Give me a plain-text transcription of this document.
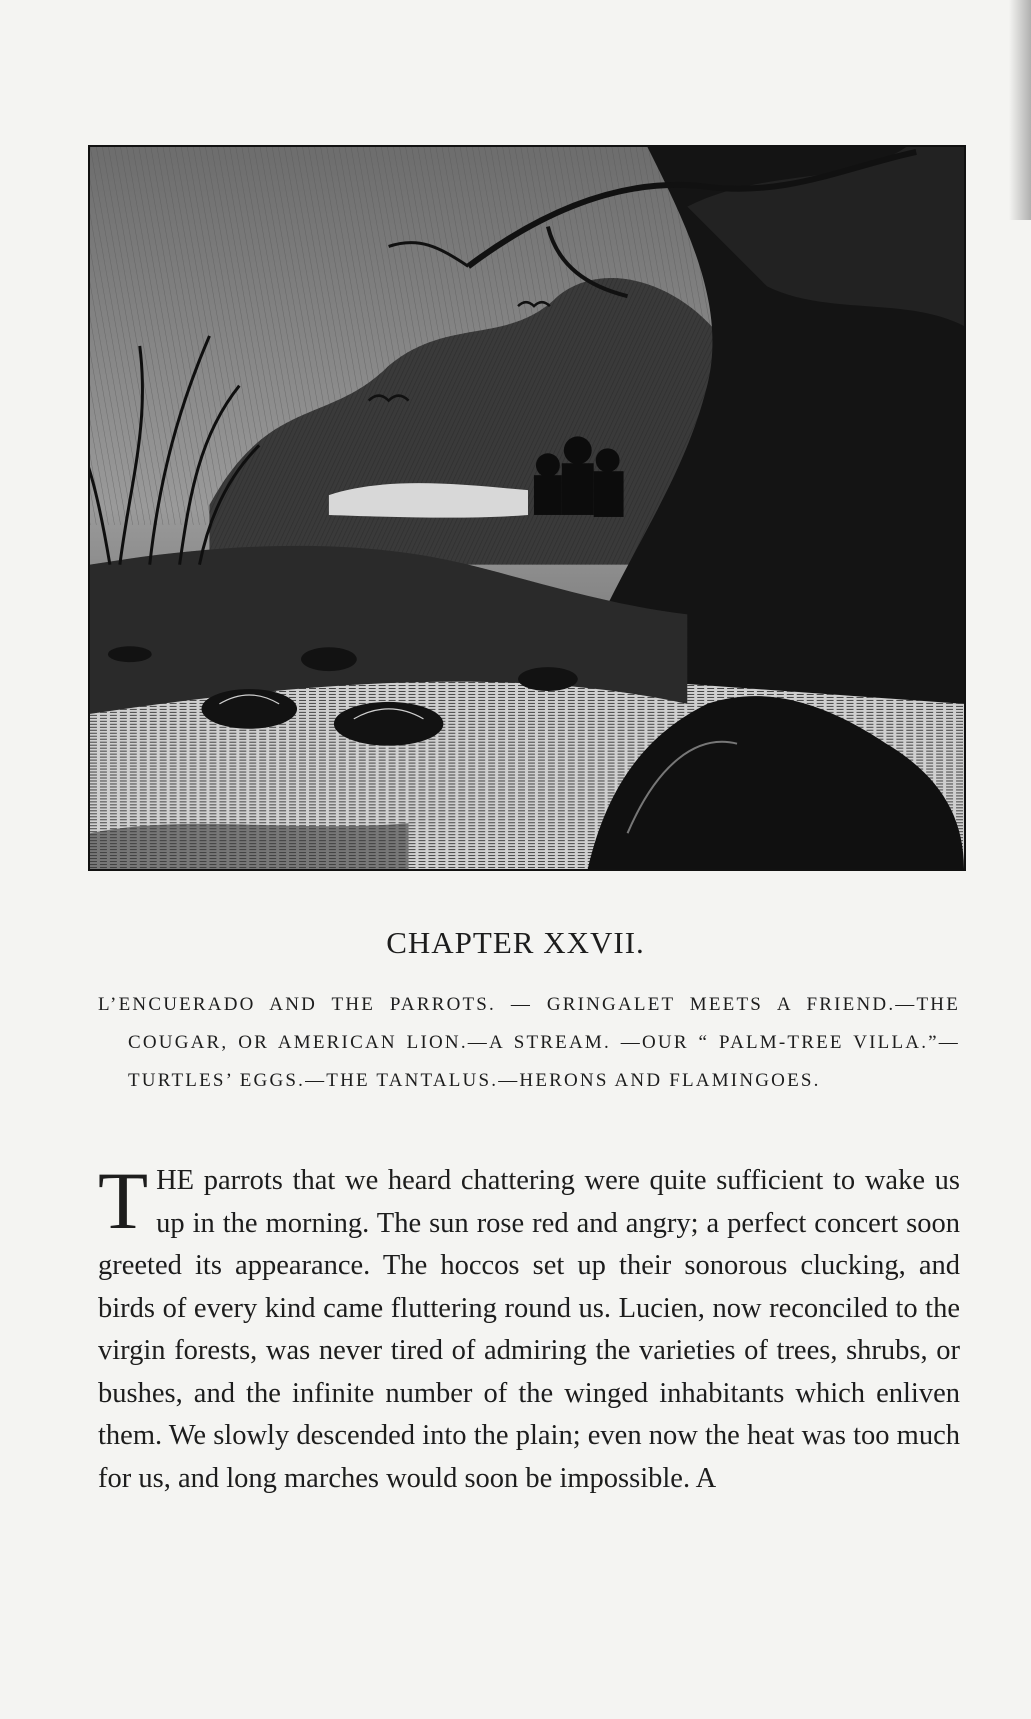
CHAPTER XXVII.

L’ENCUERADO AND THE PARROTS. — GRINGALET MEETS A FRIEND.—THE COUGAR, OR AMERICAN LION.—A STREAM. —OUR “ PALM-TREE VILLA.”—TURTLES’ EGGS.—THE TANTALUS.—HERONS AND FLAMINGOES.

THE parrots that we heard chattering were quite sufficient to wake us up in the morning. The sun rose red and angry; a perfect concert soon greeted its appearance. The hoccos set up their sonorous clucking, and birds of every kind came fluttering round us. Lucien, now reconciled to the virgin forests, was never tired of admiring the varieties of trees, shrubs, or bushes, and the infinite number of the winged inhabitants which enliven them. We slowly descended into the plain; even now the heat was too much for us, and long marches would soon be impossible. A
